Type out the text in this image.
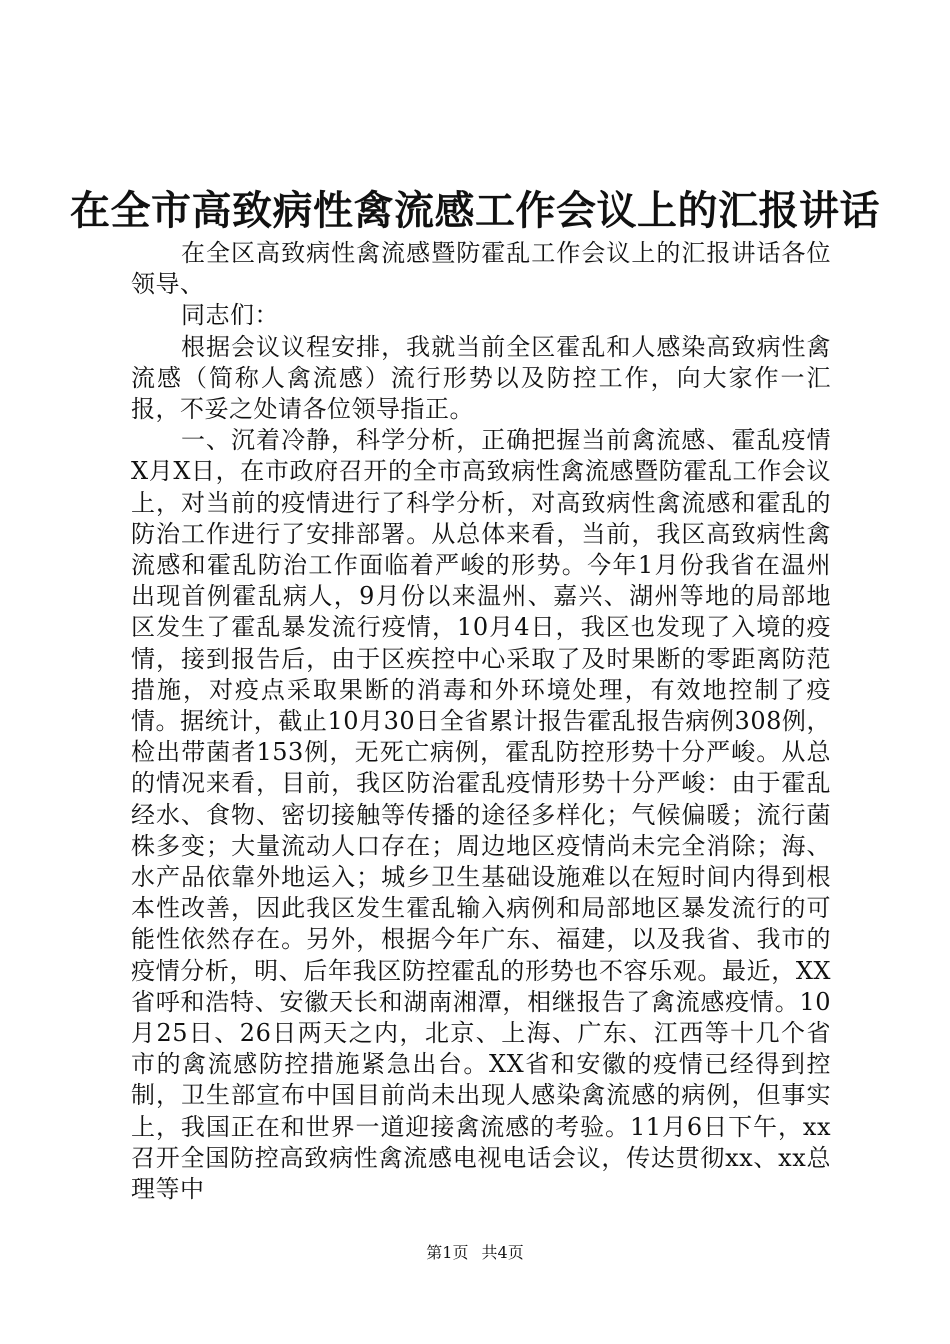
在全市高致病性禽流感工作会议上的汇报讲话

在全区高致病性禽流感暨防霍乱工作会议上的汇报讲话各位领导、

同志们：

根据会议议程安排，我就当前全区霍乱和人感染高致病性禽流感（简称人禽流感）流行形势以及防控工作，向大家作一汇报，不妥之处请各位领导指正。

一、沉着冷静，科学分析，正确把握当前禽流感、霍乱疫情X月X日，在市政府召开的全市高致病性禽流感暨防霍乱工作会议上，对当前的疫情进行了科学分析，对高致病性禽流感和霍乱的防治工作进行了安排部署。从总体来看，当前，我区高致病性禽流感和霍乱防治工作面临着严峻的形势。今年1月份我省在温州出现首例霍乱病人，9月份以来温州、嘉兴、湖州等地的局部地区发生了霍乱暴发流行疫情，10月4日，我区也发现了入境的疫情，接到报告后，由于区疾控中心采取了及时果断的零距离防范措施，对疫点采取果断的消毒和外环境处理，有效地控制了疫情。据统计，截止10月30日全省累计报告霍乱报告病例308例，检出带菌者153例，无死亡病例，霍乱防控形势十分严峻。从总的情况来看，目前，我区防治霍乱疫情形势十分严峻：由于霍乱经水、食物、密切接触等传播的途径多样化；气候偏暖；流行菌株多变；大量流动人口存在；周边地区疫情尚未完全消除；海、水产品依靠外地运入；城乡卫生基础设施难以在短时间内得到根本性改善，因此我区发生霍乱输入病例和局部地区暴发流行的可能性依然存在。另外，根据今年广东、福建，以及我省、我市的疫情分析，明、后年我区防控霍乱的形势也不容乐观。最近，XX省呼和浩特、安徽天长和湖南湘潭，相继报告了禽流感疫情。10月25日、26日两天之内，北京、上海、广东、江西等十几个省市的禽流感防控措施紧急出台。XX省和安徽的疫情已经得到控制，卫生部宣布中国目前尚未出现人感染禽流感的病例，但事实上，我国正在和世界一道迎接禽流感的考验。11月6日下午，xx召开全国防控高致病性禽流感电视电话会议，传达贯彻xx、xx总理等中

第1页 共4页
